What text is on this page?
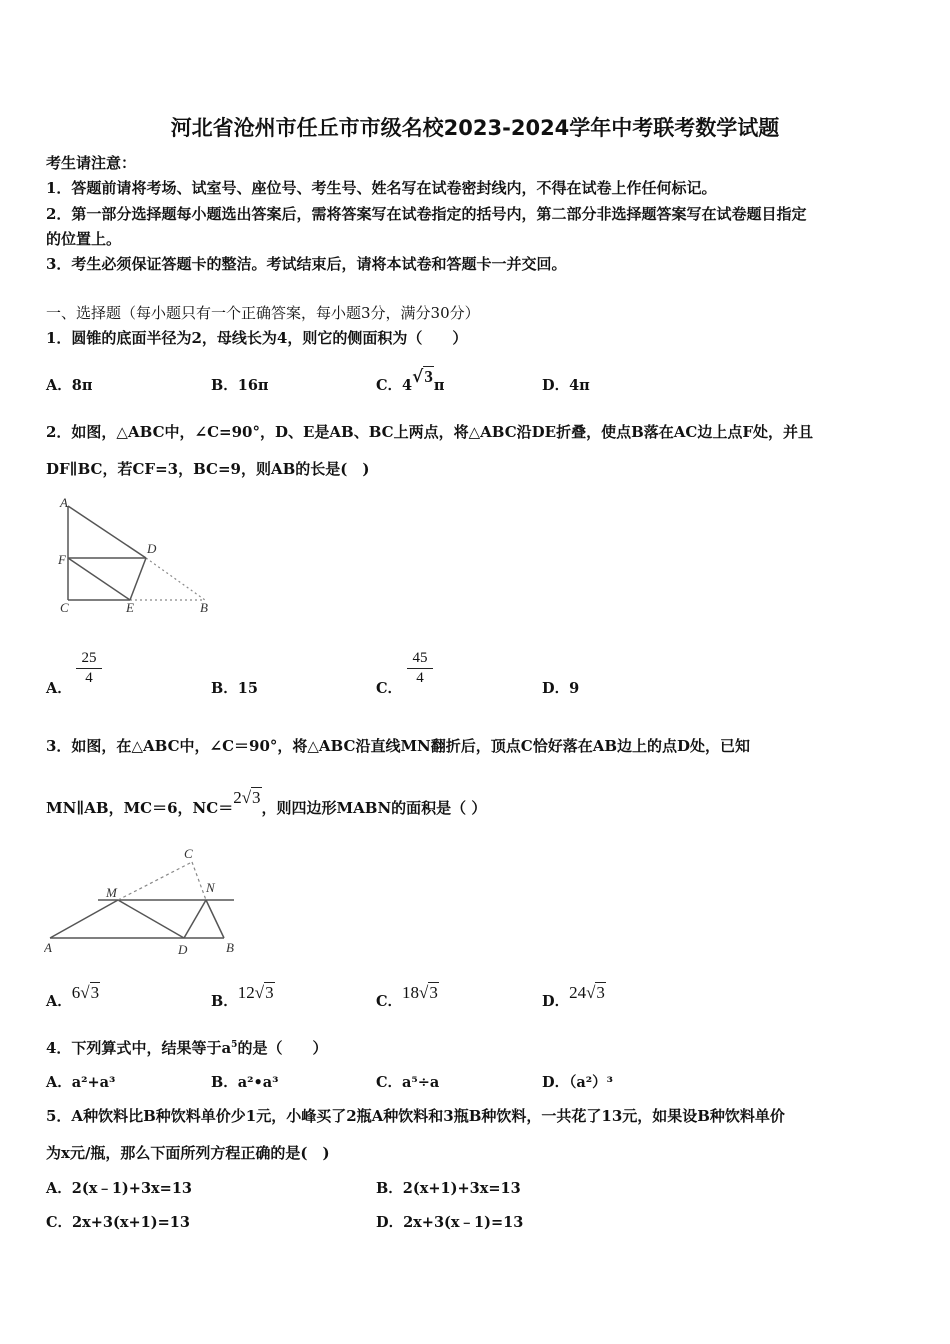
河北省沧州市任丘市市级名校2023-2024学年中考联考数学试题
考生请注意：
1．答题前请将考场、试室号、座位号、考生号、姓名写在试卷密封线内，不得在试卷上作任何标记。
2．第一部分选择题每小题选出答案后，需将答案写在试卷指定的括号内，第二部分非选择题答案写在试卷题目指定
的位置上。
3．考生必须保证答题卡的整洁。考试结束后，请将本试卷和答题卡一并交回。
一、选择题（每小题只有一个正确答案，每小题3分，满分30分）
1．圆锥的底面半径为2，母线长为4，则它的侧面积为（　　）
A．8π	B．16π	C．4√3π	D．4π
2．如图，△ABC中，∠C=90°，D、E是AB、BC上两点，将△ABC沿DE折叠，使点B落在AC边上点F处，并且
DF∥BC，若CF=3，BC=9，则AB的长是(　)
A
F
C	E
D
B
A．
25
4
B．15	C．
45
4
D．9
3．如图，在△ABC中，∠C＝90°，将△ABC沿直线MN翻折后，顶点C恰好落在AB边上的点D处，已知
MN∥AB，MC＝6，NC＝2√3，则四边形MABN的面积是（ ）
C
M	N
A	D	B
A．6√3	B．12√3	C．18√3	D．24√3
4．下列算式中，结果等于$a^5$的是（　　）
A．a²+a³	B．a²•a³	C．a⁵÷a	D．（a²）³
5．A种饮料比B种饮料单价少1元，小峰买了2瓶A种饮料和3瓶B种饮料，一共花了13元，如果设B种饮料单价
为x元/瓶，那么下面所列方程正确的是(　)
A．2(x﹣1)+3x=13	B．2(x+1)+3x=13
C．2x+3(x+1)=13	D．2x+3(x﹣1)=13
